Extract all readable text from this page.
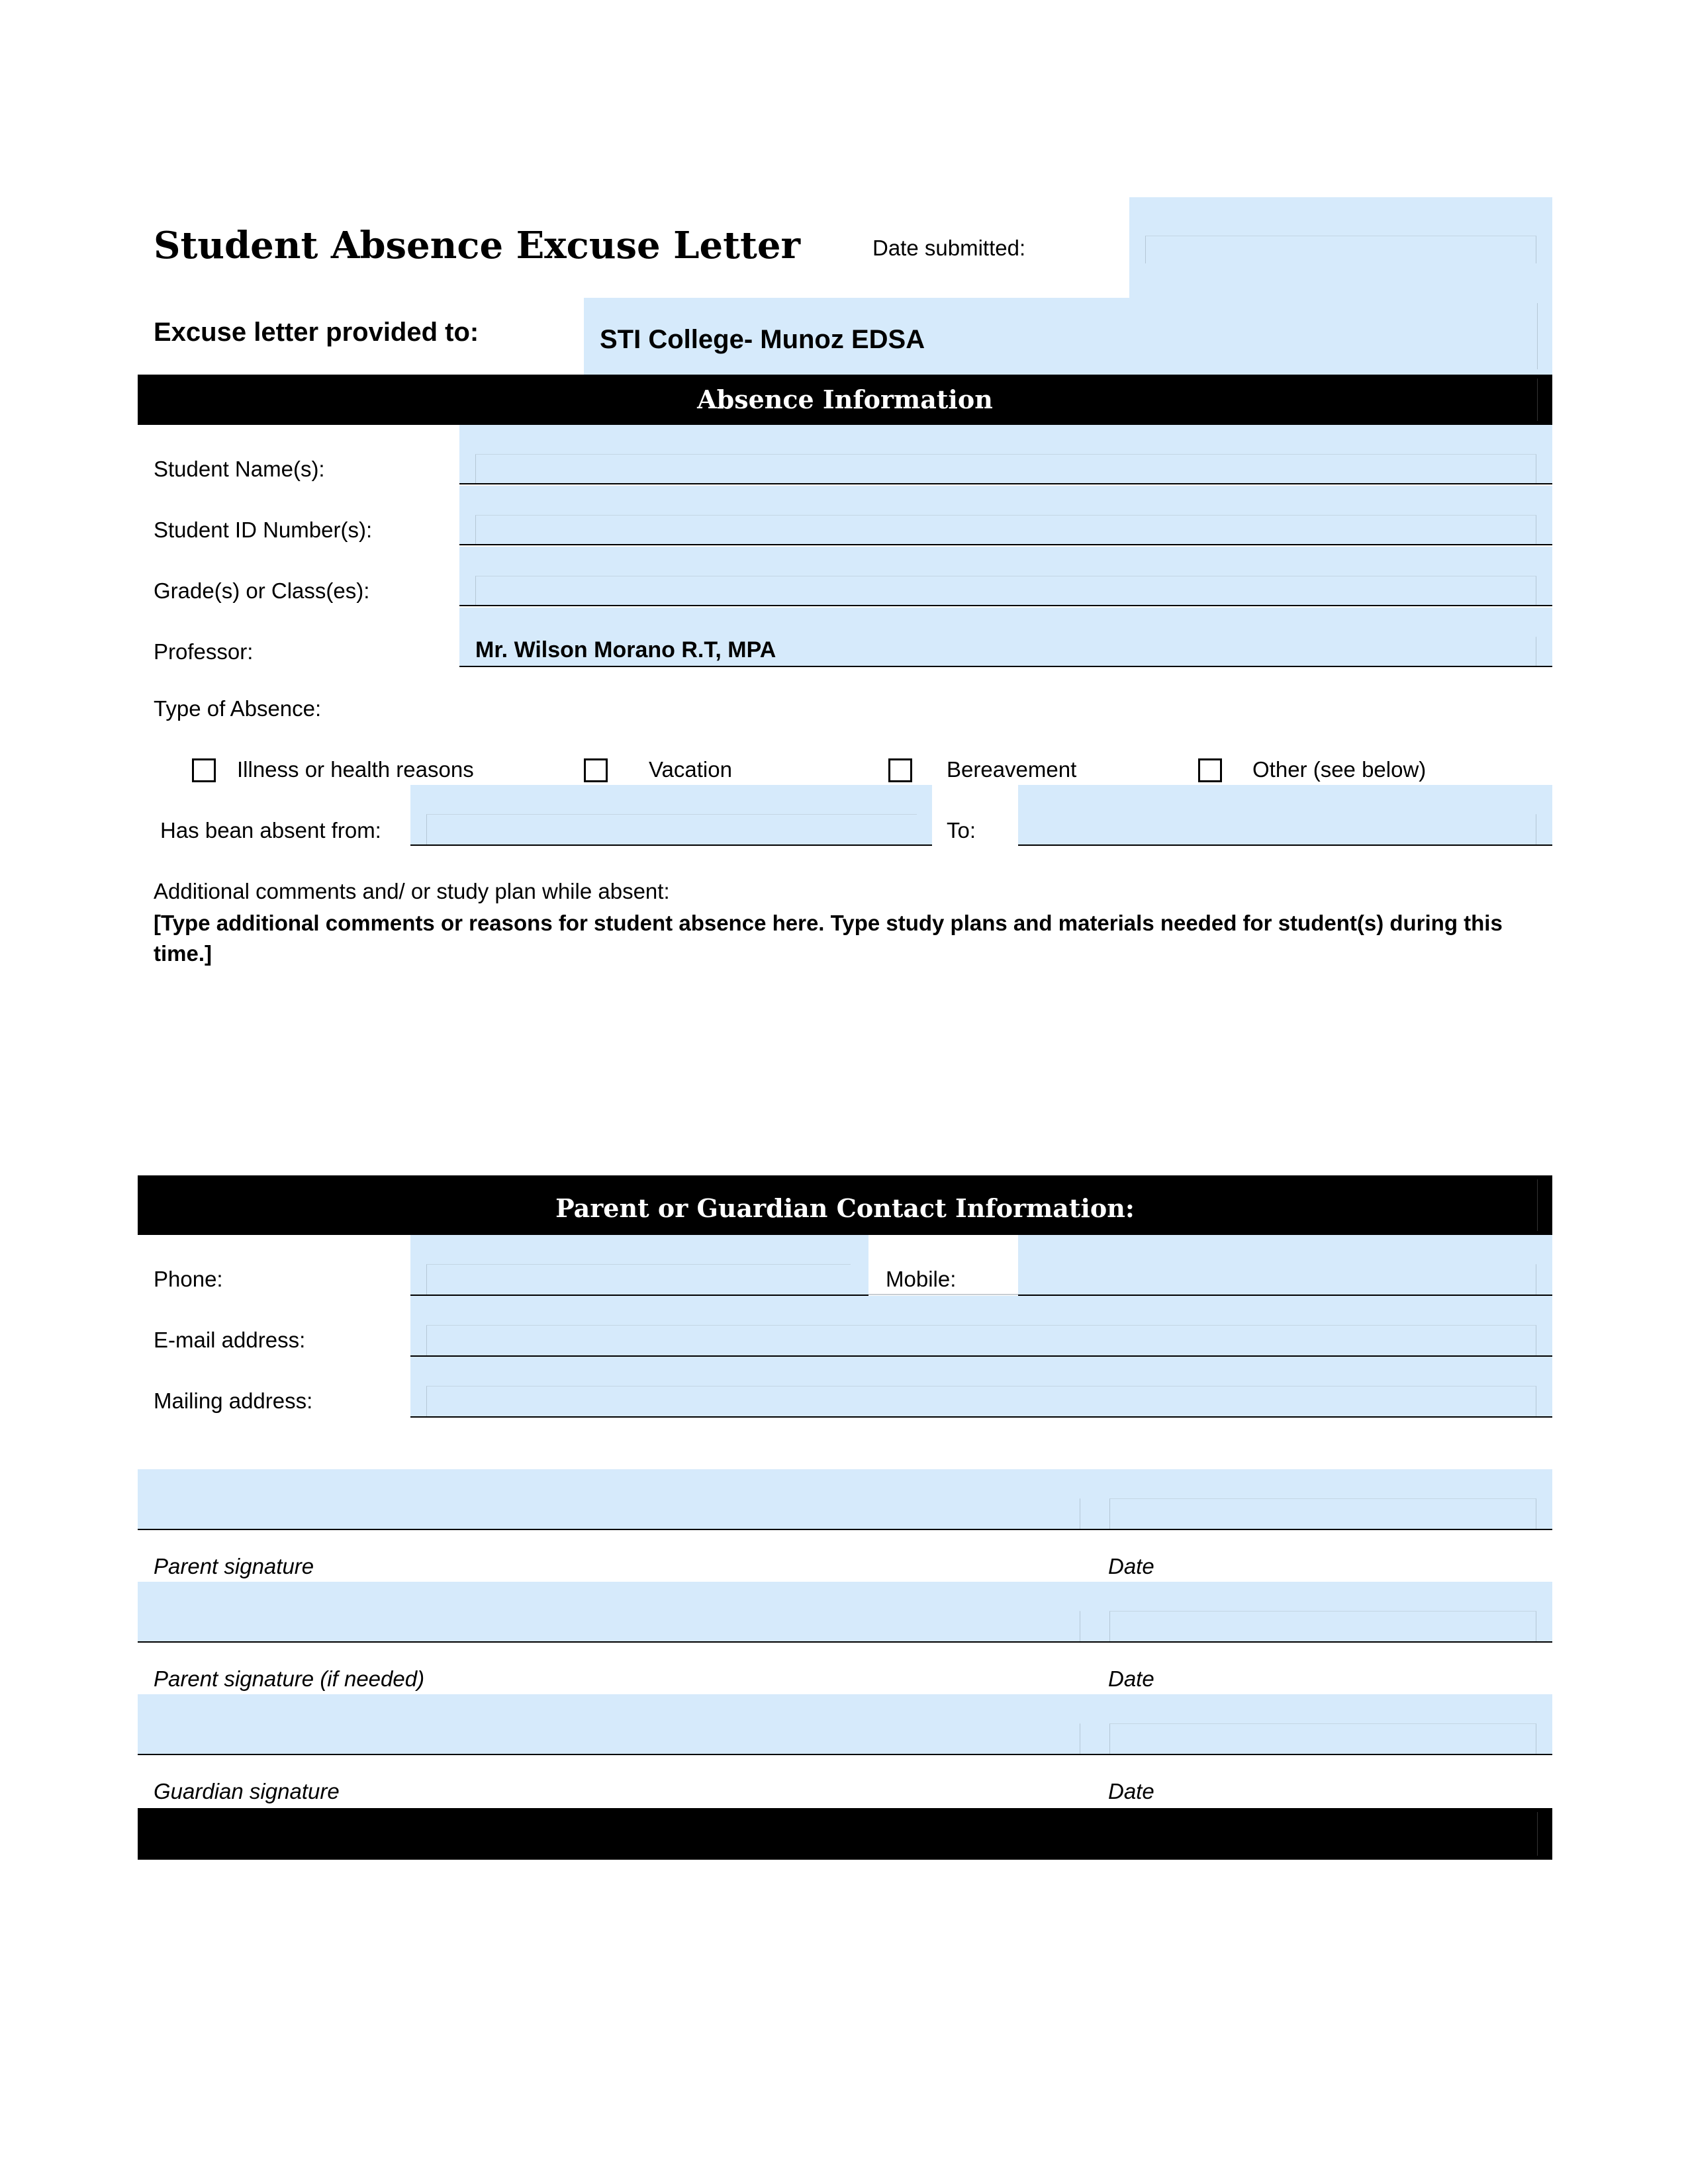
Student Absence Excuse Letter	Date submitted:
Excuse letter provided to:	STI College- Munoz EDSA
Absence Information
Student Name(s):
Student ID Number(s):
Grade(s) or Class(es):
Professor:	Mr. Wilson Morano R.T, MPA
Type of Absence:
Illness or health reasons	Vacation	Bereavement	Other (see below)
Has bean absent from:	To:
Additional comments and/ or study plan while absent:
[Type additional comments or reasons for student absence here. Type study plans and materials needed for student(s) during this time.]
Parent or Guardian Contact Information:
Phone:	Mobile:
E-mail address:
Mailing address:
Parent signature	Date
Parent signature (if needed)	Date
Guardian signature	Date
